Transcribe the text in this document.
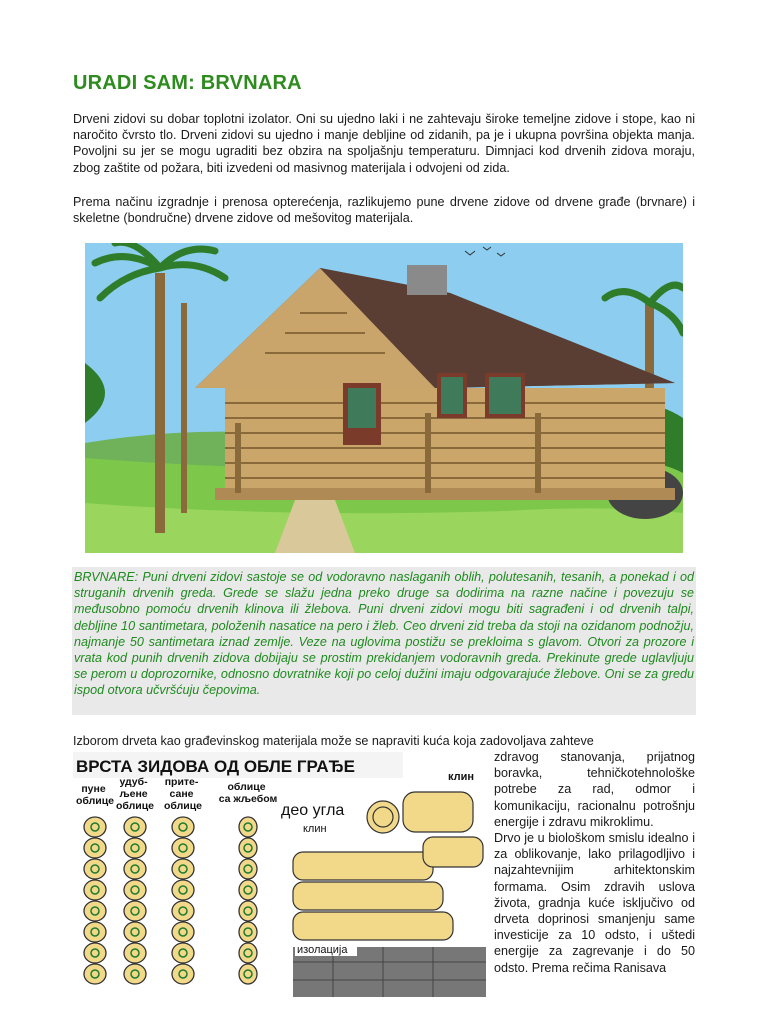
URADI SAM: BRVNARA

Drveni zidovi su dobar toplotni izolator. Oni su ujedno laki i ne zahtevaju široke temeljne zidove i stope, kao ni naročito čvrsto tlo. Drveni zidovi su ujedno i manje debljine od zidanih, pa je i ukupna površina objekta manja. Povoljni su jer se mogu ugraditi bez obzira na spoljašnju temperaturu. Dimnjaci kod drvenih zidova moraju, zbog zaštite od požara, biti izvedeni od masivnog materijala i odvojeni od zida.

Prema načinu izgradnje i prenosa opterećenja, razlikujemo pune drvene zidove od drvene građe (brvnare) i skeletne (bondručne) drvene zidove od mešovitog materijala.

BRVNARE: Puni drveni zidovi sastoje se od vodoravno naslaganih oblih, polutesanih, tesanih, a ponekad i od struganih drvenih greda. Grede se slažu jedna preko druge sa dodirima na razne načine i povezuju se međusobno pomoću drvenih klinova ili žlebova. Puni drveni zidovi mogu biti sagrađeni i od drvenih talpi, debljine 10 santimetara, položenih nasatice na pero i žleb. Ceo drveni zid treba da stoji na ozidanom podnožju, najmanje 50 santimetara iznad zemlje. Veze na uglovima postižu se prekloima s glavom. Otvori za prozore i vrata kod punih drvenih zidova dobijaju se prostim prekidanjem vodoravnih greda. Prekinute grede uglavljuju se perom u doprozornike, odnosno dovratnike koji po celoj dužini imaju odgovarajuće žlebove. Oni se za gredu ispod otvora učvršćuju čepovima.

Izborom drveta kao građevinskog materijala može se napraviti kuća koja zadovoljava zahteve

ВРСТА ЗИДОВА ОД ОБЛЕ ГРАЂЕ
пуне облице
удуб- љене облице
прите- сане облице
облице са жљебом
клин
део угла
клин
изолација

zdravog stanovanja, prijatnog boravka, tehničkotehnološke potrebe za rad, odmor i komunikaciju, racionalnu potrošnju energije i zdravu mikroklimu.

Drvo je u biološkom smislu idealno i za oblikovanje, lako prilagodljivo i najzahtevnijim arhitektonskim formama. Osim zdravih uslova života, gradnja kuće isključivo od drveta doprinosi smanjenju same investicije za 10 odsto, i uštedi energije za zagrevanje i do 50 odsto. Prema rečima Ranisava
